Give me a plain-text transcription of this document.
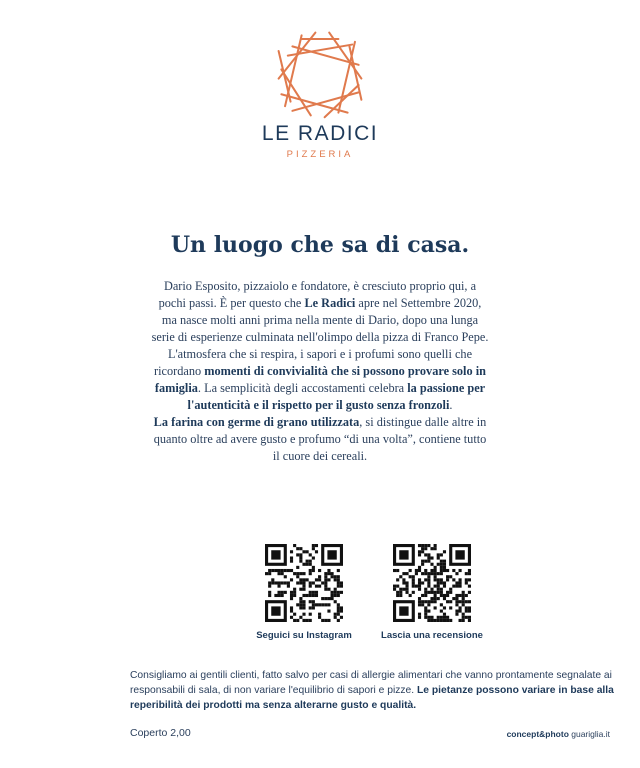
LE RADICI
PIZZERIA
Un luogo che sa di casa.
Dario Esposito, pizzaiolo e fondatore, è cresciuto proprio qui, a pochi passi. È per questo che Le Radici apre nel Settembre 2020, ma nasce molti anni prima nella mente di Dario, dopo una lunga serie di esperienze culminata nell'olimpo della pizza di Franco Pepe.
L'atmosfera che si respira, i sapori e i profumi sono quelli che ricordano momenti di convivialità che si possono provare solo in famiglia. La semplicità degli accostamenti celebra la passione per l'autenticità e il rispetto per il gusto senza fronzoli.
La farina con germe di grano utilizzata, si distingue dalle altre in quanto oltre ad avere gusto e profumo “di una volta”, contiene tutto il cuore dei cereali.
Seguici su Instagram	Lascia una recensione
Consigliamo ai gentili clienti, fatto salvo per casi di allergie alimentari che vanno prontamente segnalate ai responsabili di sala, di non variare l'equilibrio di sapori e pizze. Le pietanze possono variare in base alla reperibilità dei prodotti ma senza alterarne gusto e qualità.
Coperto 2,00	concept&photo guariglia.it
